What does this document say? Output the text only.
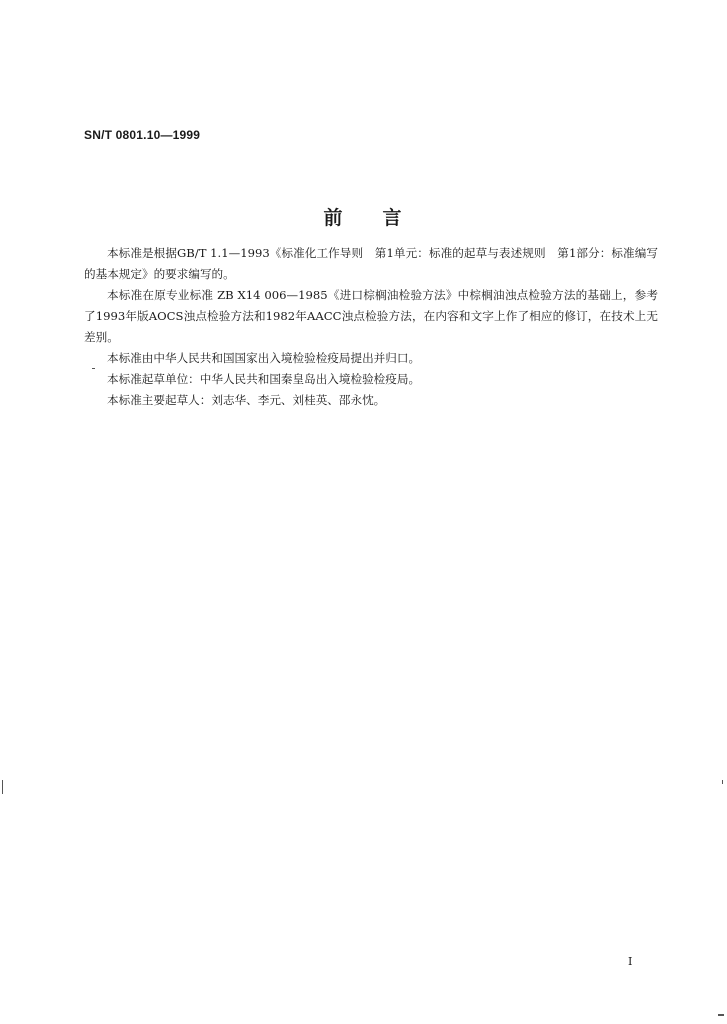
SN/T 0801.10—1999
前言

本标准是根据GB/T 1.1—1993《标准化工作导则　第1单元：标准的起草与表述规则　第1部分：标准编写的基本规定》的要求编写的。

本标准在原专业标准 ZB X14 006—1985《进口棕榈油检验方法》中棕榈油浊点检验方法的基础上，参考了1993年版AOCS浊点检验方法和1982年AACC浊点检验方法，在内容和文字上作了相应的修订，在技术上无差别。

本标准由中华人民共和国国家出入境检验检疫局提出并归口。

本标准起草单位：中华人民共和国秦皇岛出入境检验检疫局。

本标准主要起草人：刘志华、李元、刘桂英、邵永忱。

I
